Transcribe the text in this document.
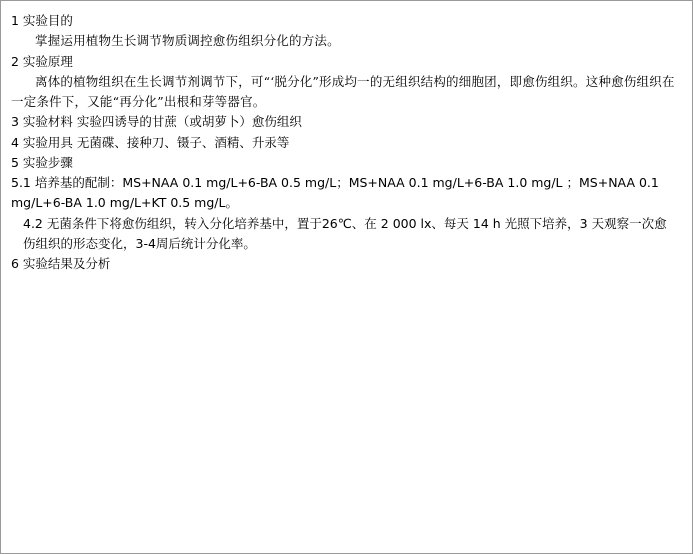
1 实验目的

掌握运用植物生长调节物质调控愈伤组织分化的方法。

2 实验原理

离体的植物组织在生长调节剂调节下，可“‘脱分化”形成均一的无组织结构的细胞团，即愈伤组织。这种愈伤组织在一定条件下，又能“再分化”出根和芽等器官。

3 实验材料 实验四诱导的甘蔗（或胡萝卜）愈伤组织

4 实验用具 无菌碟、接种刀、镊子、酒精、升汞等

5 实验步骤

5.1 培养基的配制：MS+NAA 0.1 mg/L+6-BA 0.5 mg/L；MS+NAA 0.1 mg/L+6-BA 1.0 mg/L ；MS+NAA 0.1 mg/L+6-BA 1.0 mg/L+KT 0.5 mg/L。

4.2 无菌条件下将愈伤组织，转入分化培养基中，置于26℃、在 2 000 lx、每天 14 h 光照下培养，3 天观察一次愈伤组织的形态变化，3-4周后统计分化率。

6 实验结果及分析
